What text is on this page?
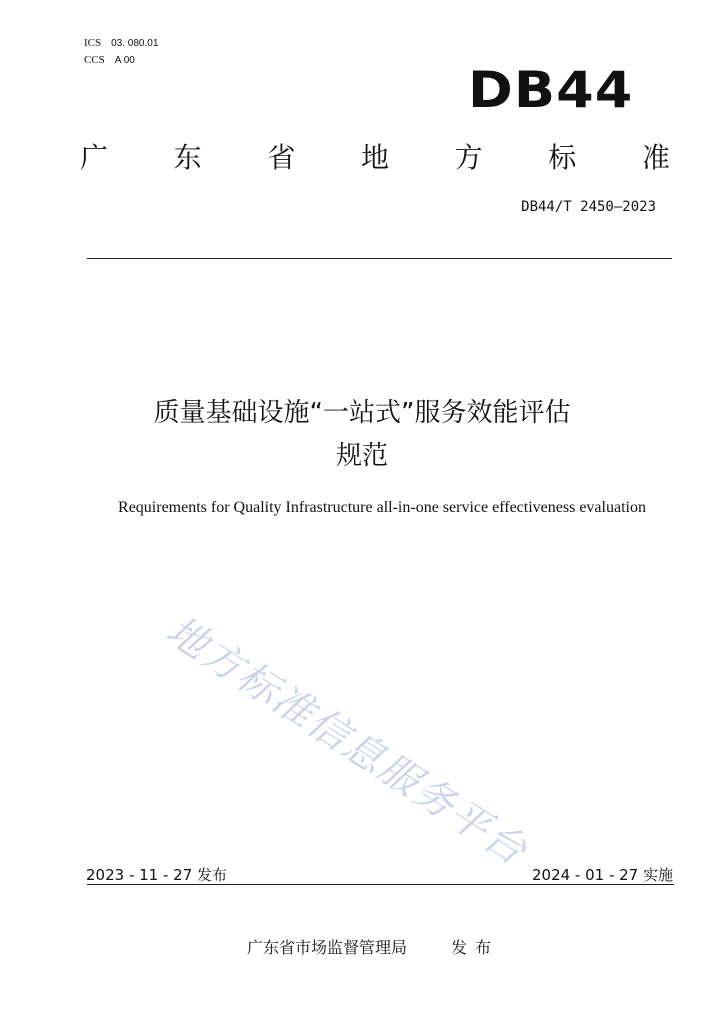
ICS 03. 080.01
CCS A 00
DB44
广 东 省 地 方 标 准
DB44/T 2450—2023
质量基础设施“一站式”服务效能评估
规范
Requirements for Quality Infrastructure all-in-one service effectiveness evaluation
地方标准信息服务平台
2023 - 11 - 27 发布	2024 - 01 - 27 实施
广东省市场监督管理局	发布
